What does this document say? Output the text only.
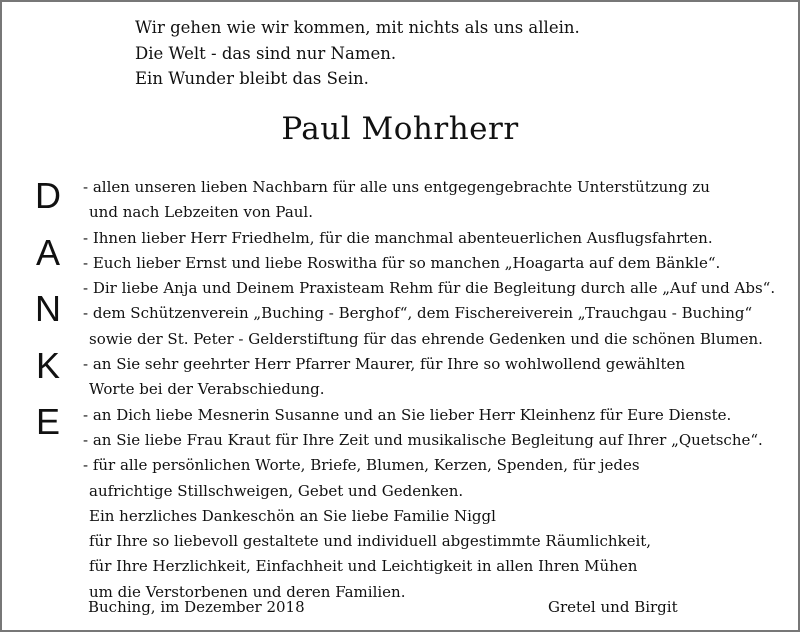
Wir gehen wie wir kommen, mit nichts als uns allein.
Die Welt - das sind nur Namen.
Ein Wunder bleibt das Sein.
Paul Mohrherr
D
A
N
K
E
- allen unseren lieben Nachbarn für alle uns entgegengebrachte Unterstützung zu
und nach Lebzeiten von Paul.
- Ihnen lieber Herr Friedhelm, für die manchmal abenteuerlichen Ausflugsfahrten.
- Euch lieber Ernst und liebe Roswitha für so manchen „Hoagarta auf dem Bänkle“.
- Dir liebe Anja und Deinem Praxisteam Rehm für die Begleitung durch alle „Auf und Abs“.
- dem Schützenverein „Buching - Berghof“, dem Fischereiverein „Trauchgau - Buching“
sowie der St. Peter - Gelderstiftung für das ehrende Gedenken und die schönen Blumen.
- an Sie sehr geehrter Herr Pfarrer Maurer, für Ihre so wohlwollend gewählten
Worte bei der Verabschiedung.
- an Dich liebe Mesnerin Susanne und an Sie lieber Herr Kleinhenz für Eure Dienste.
- an Sie liebe Frau Kraut für Ihre Zeit und musikalische Begleitung auf Ihrer „Quetsche“.
- für alle persönlichen Worte, Briefe, Blumen, Kerzen, Spenden, für jedes
aufrichtige Stillschweigen, Gebet und Gedenken.
Ein herzliches Dankeschön an Sie liebe Familie Niggl
für Ihre so liebevoll gestaltete und individuell abgestimmte Räumlichkeit,
für Ihre Herzlichkeit, Einfachheit und Leichtigkeit in allen Ihren Mühen
um die Verstorbenen und deren Familien.
Buching, im Dezember 2018	Gretel und Birgit
